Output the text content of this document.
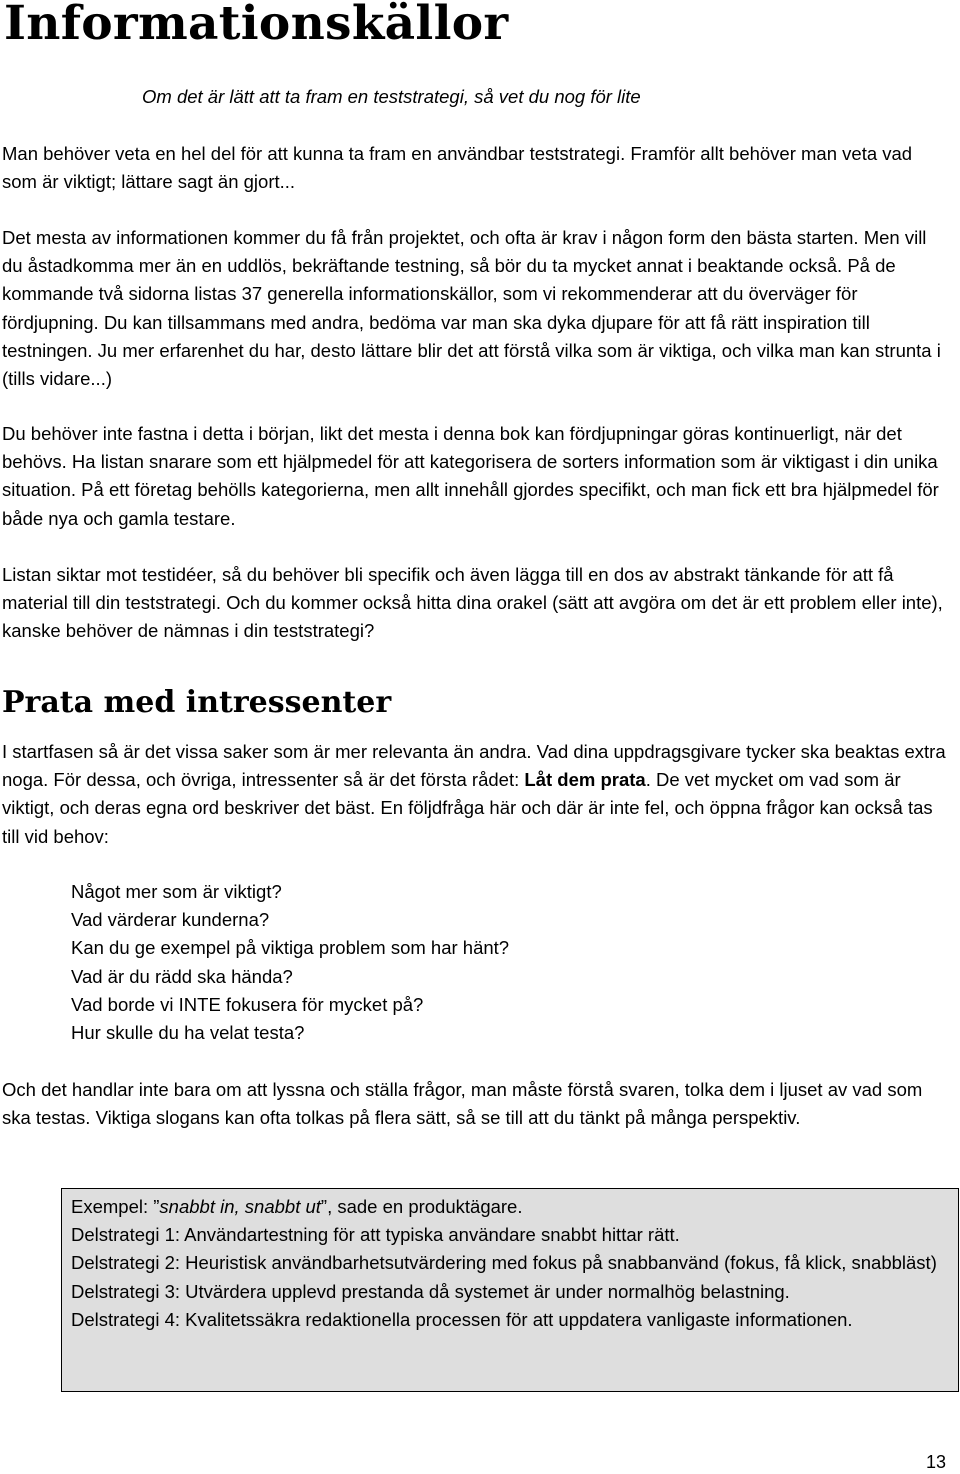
Informationskällor

Om det är lätt att ta fram en teststrategi, så vet du nog för lite

Man behöver veta en hel del för att kunna ta fram en användbar teststrategi. Framför allt behöver man veta vad som är viktigt; lättare sagt än gjort...

Det mesta av informationen kommer du få från projektet, och ofta är krav i någon form den bästa starten. Men vill du åstadkomma mer än en uddlös, bekräftande testning, så bör du ta mycket annat i beaktande också. På de kommande två sidorna listas 37 generella informationskällor, som vi rekommenderar att du överväger för fördjupning. Du kan tillsammans med andra, bedöma var man ska dyka djupare för att få rätt inspiration till testningen. Ju mer erfarenhet du har, desto lättare blir det att förstå vilka som är viktiga, och vilka man kan strunta i (tills vidare...)

Du behöver inte fastna i detta i början, likt det mesta i denna bok kan fördjupningar göras kontinuerligt, när det behövs. Ha listan snarare som ett hjälpmedel för att kategorisera de sorters information som är viktigast i din unika situation. På ett företag behölls kategorierna, men allt innehåll gjordes specifikt, och man fick ett bra hjälpmedel för både nya och gamla testare.

Listan siktar mot testidéer, så du behöver bli specifik och även lägga till en dos av abstrakt tänkande för att få material till din teststrategi. Och du kommer också hitta dina orakel (sätt att avgöra om det är ett problem eller inte), kanske behöver de nämnas i din teststrategi?

Prata med intressenter

I startfasen så är det vissa saker som är mer relevanta än andra. Vad dina uppdragsgivare tycker ska beaktas extra noga. För dessa, och övriga, intressenter så är det första rådet: Låt dem prata. De vet mycket om vad som är viktigt, och deras egna ord beskriver det bäst. En följdfråga här och där är inte fel, och öppna frågor kan också tas till vid behov:

Något mer som är viktigt?
Vad värderar kunderna?
Kan du ge exempel på viktiga problem som har hänt?
Vad är du rädd ska hända?
Vad borde vi INTE fokusera för mycket på?
Hur skulle du ha velat testa?

Och det handlar inte bara om att lyssna och ställa frågor, man måste förstå svaren, tolka dem i ljuset av vad som ska testas. Viktiga slogans kan ofta tolkas på flera sätt, så se till att du tänkt på många perspektiv.

Exempel: ”snabbt in, snabbt ut”, sade en produktägare.

Delstrategi 1: Användartestning för att typiska användare snabbt hittar rätt.

Delstrategi 2: Heuristisk användbarhetsutvärdering med fokus på snabbanvänd (fokus, få klick, snabbläst)

Delstrategi 3: Utvärdera upplevd prestanda då systemet är under normalhög belastning.

Delstrategi 4: Kvalitetssäkra redaktionella processen för att uppdatera vanligaste informationen.

13
